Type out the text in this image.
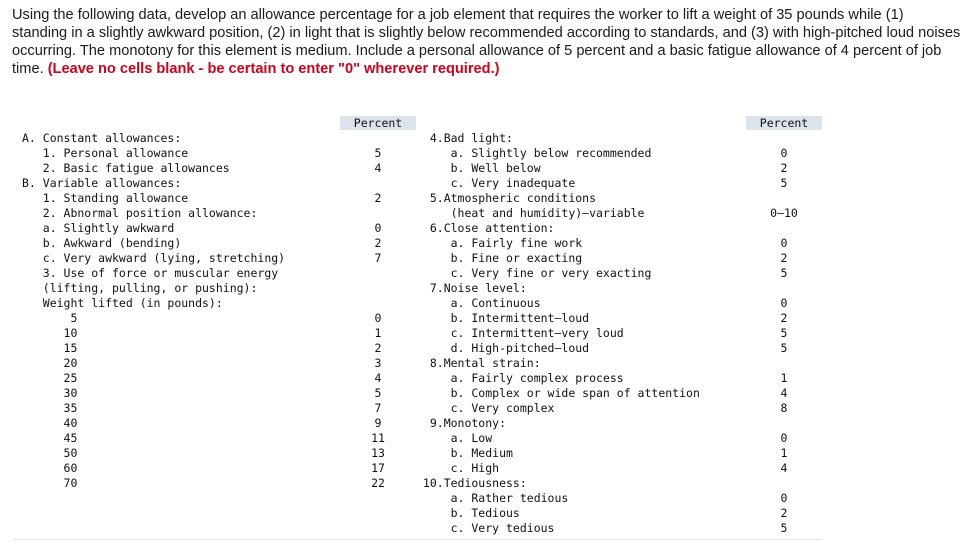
Using the following data, develop an allowance percentage for a job element that requires the worker to lift a weight of 35 pounds while (1) standing in a slightly awkward position, (2) in light that is slightly below recommended according to standards, and (3) with high-pitched loud noises occurring. The monotony for this element is medium. Include a personal allowance of 5 percent and a basic fatigue allowance of 4 percent of job time. (Leave no cells blank - be certain to enter "0" wherever required.)
Percent
A. Constant allowances:
1. Personal allowance	5
2. Basic fatigue allowances	4
B. Variable allowances:
1. Standing allowance	2
2. Abnormal position allowance:
a. Slightly awkward	0
b. Awkward (bending)	2
c. Very awkward (lying, stretching)	7
3. Use of force or muscular energy
(lifting, pulling, or pushing):
Weight lifted (in pounds):
5	0
10	1
15	2
20	3
25	4
30	5
35	7
40	9
45	11
50	13
60	17
70	22
Percent
4.Bad light:
a. Slightly below recommended	0
b. Well below	2
c. Very inadequate	5
5.Atmospheric conditions
(heat and humidity)—variable	0–10
6.Close attention:
a. Fairly fine work	0
b. Fine or exacting	2
c. Very fine or very exacting	5
7.Noise level:
a. Continuous	0
b. Intermittent—loud	2
c. Intermittent—very loud	5
d. High-pitched—loud	5
8.Mental strain:
a. Fairly complex process	1
b. Complex or wide span of attention	4
c. Very complex	8
9.Monotony:
a. Low	0
b. Medium	1
c. High	4
10.Tediousness:
a. Rather tedious	0
b. Tedious	2
c. Very tedious	5
